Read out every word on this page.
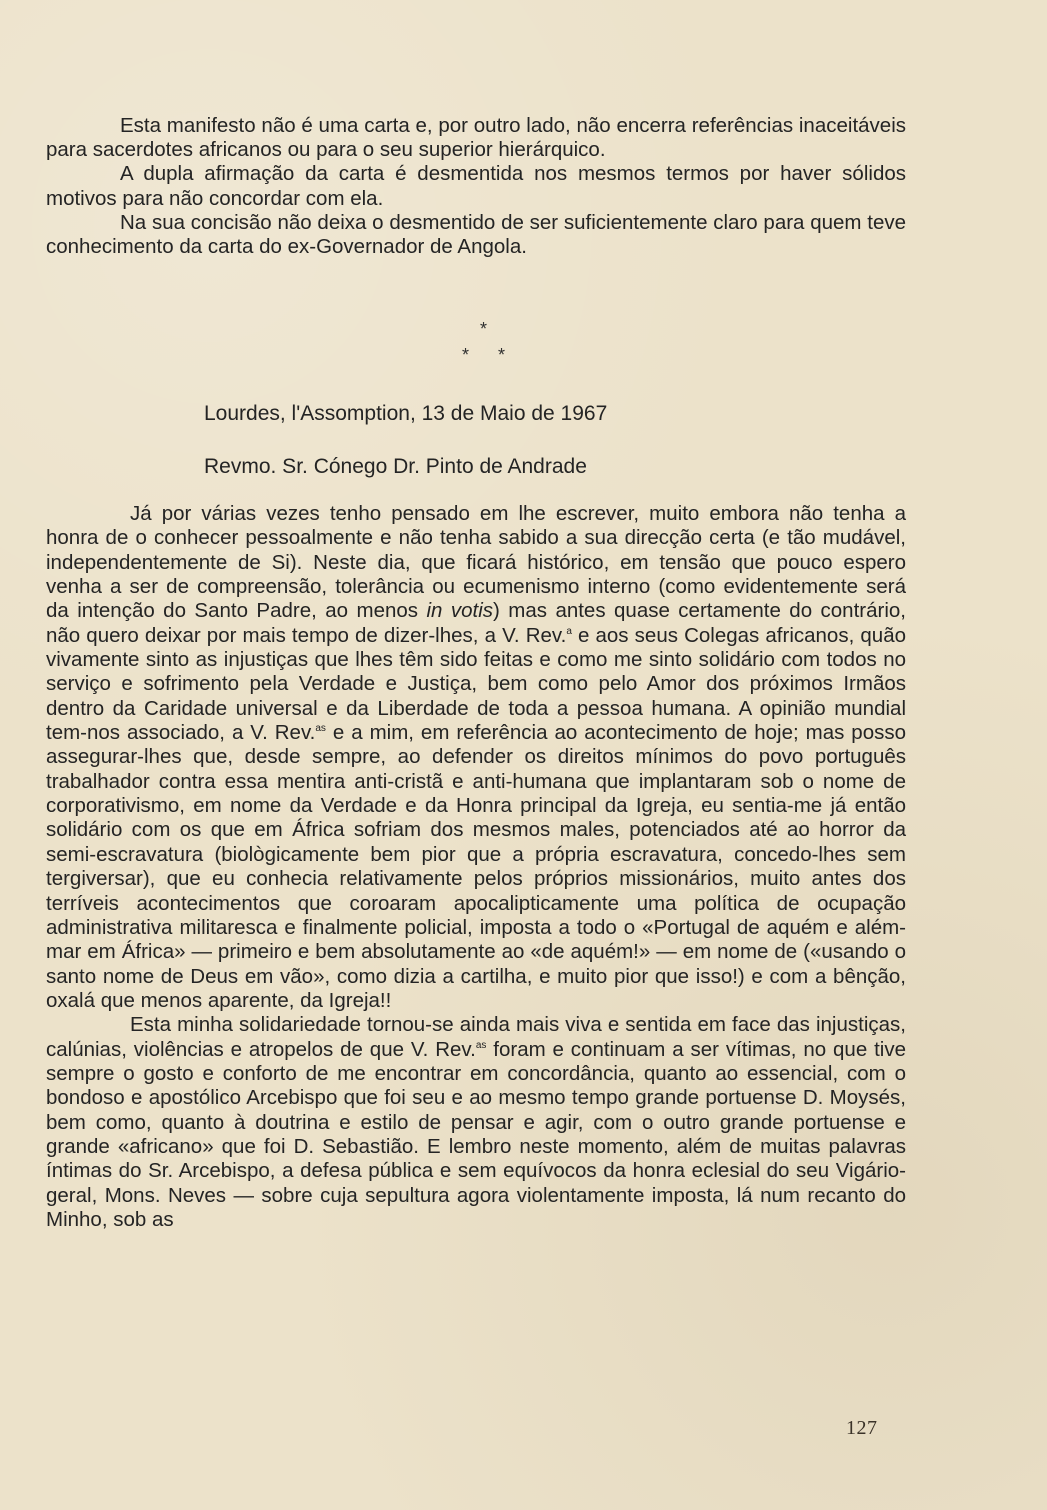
Esta manifesto não é uma carta e, por outro lado, não encerra referências inaceitáveis para sacerdotes africanos ou para o seu superior hierárquico.

A dupla afirmação da carta é desmentida nos mesmos termos por haver sólidos motivos para não concordar com ela.

Na sua concisão não deixa o desmentido de ser suficientemente claro para quem teve conhecimento da carta do ex-Governador de Angola.

*
* *
Lourdes, l'Assomption, 13 de Maio de 1967
Revmo. Sr. Cónego Dr. Pinto de Andrade

Já por várias vezes tenho pensado em lhe escrever, muito embora não tenha a honra de o conhecer pessoalmente e não tenha sabido a sua direcção certa (e tão mudável, independentemente de Si). Neste dia, que ficará histórico, em tensão que pouco espero venha a ser de compreensão, tolerância ou ecumenismo interno (como evidentemente será da intenção do Santo Padre, ao menos in votis) mas antes quase certamente do contrário, não quero deixar por mais tempo de dizer-lhes, a V. Rev.$^a$ e aos seus Colegas africanos, quão vivamente sinto as injustiças que lhes têm sido feitas e como me sinto solidário com todos no serviço e sofrimento pela Verdade e Justiça, bem como pelo Amor dos próximos Irmãos dentro da Caridade universal e da Liberdade de toda a pessoa humana. A opinião mundial tem-nos associado, a V. Rev.$^{as}$ e a mim, em referência ao acontecimento de hoje; mas posso assegurar-lhes que, desde sempre, ao defender os direitos mínimos do povo português trabalhador contra essa mentira anti-cristã e anti-humana que implantaram sob o nome de corporativismo, em nome da Verdade e da Honra principal da Igreja, eu sentia-me já então solidário com os que em África sofriam dos mesmos males, potenciados até ao horror da semi-escravatura (biològicamente bem pior que a própria escravatura, concedo-lhes sem tergiversar), que eu conhecia relativamente pelos próprios missionários, muito antes dos terríveis acontecimentos que coroaram apocalipticamente uma política de ocupação administrativa militaresca e finalmente policial, imposta a todo o «Portugal de aquém e além-mar em África» — primeiro e bem absolutamente ao «de aquém!» — em nome de («usando o santo nome de Deus em vão», como dizia a cartilha, e muito pior que isso!) e com a bênção, oxalá que menos aparente, da Igreja!!

Esta minha solidariedade tornou-se ainda mais viva e sentida em face das injustiças, calúnias, violências e atropelos de que V. Rev.$^{as}$ foram e continuam a ser vítimas, no que tive sempre o gosto e conforto de me encontrar em concordância, quanto ao essencial, com o bondoso e apostólico Arcebispo que foi seu e ao mesmo tempo grande portuense D. Moysés, bem como, quanto à doutrina e estilo de pensar e agir, com o outro grande portuense e grande «africano» que foi D. Sebastião. E lembro neste momento, além de muitas palavras íntimas do Sr. Arcebispo, a defesa pública e sem equívocos da honra eclesial do seu Vigário-geral, Mons. Neves — sobre cuja sepultura agora violentamente imposta, lá num recanto do Minho, sob as

127
